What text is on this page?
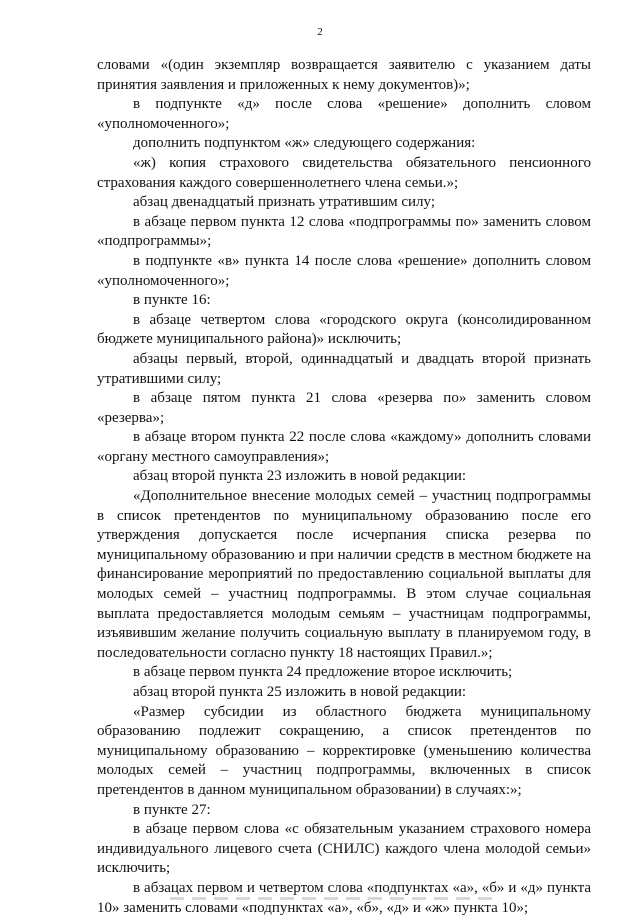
2

словами «(один экземпляр возвращается заявителю с указанием даты принятия заявления и приложенных к нему документов)»;

в подпункте «д» после слова «решение» дополнить словом «уполномоченного»;

дополнить подпунктом «ж» следующего содержания:

«ж) копия страхового свидетельства обязательного пенсионного страхования каждого совершеннолетнего члена семьи.»;

абзац двенадцатый признать утратившим силу;

в абзаце первом пункта 12 слова «подпрограммы по» заменить словом «подпрограммы»;

в подпункте «в» пункта 14 после слова «решение» дополнить словом «уполномоченного»;

в пункте 16:

в абзаце четвертом слова «городского округа (консолидированном бюджете муниципального района)» исключить;

абзацы первый, второй, одиннадцатый и двадцать второй признать утратившими силу;

в абзаце пятом пункта 21 слова «резерва по» заменить словом «резерва»;

в абзаце втором пункта 22 после слова «каждому» дополнить словами «органу местного самоуправления»;

абзац второй пункта 23 изложить в новой редакции:

«Дополнительное внесение молодых семей – участниц подпрограммы в список претендентов по муниципальному образованию после его утверждения допускается после исчерпания списка резерва по муниципальному образованию и при наличии средств в местном бюджете на финансирование мероприятий по предоставлению социальной выплаты для молодых семей – участниц подпрограммы. В этом случае социальная выплата предоставляется молодым семьям – участницам подпрограммы, изъявившим желание получить социальную выплату в планируемом году, в последовательности согласно пункту 18 настоящих Правил.»;

в абзаце первом пункта 24 предложение второе исключить;

абзац второй пункта 25 изложить в новой редакции:

«Размер субсидии из областного бюджета муниципальному образованию подлежит сокращению, а список претендентов по муниципальному образованию – корректировке (уменьшению количества молодых семей – участниц подпрограммы, включенных в список претендентов в данном муниципальном образовании) в случаях:»;

в пункте 27:

в абзаце первом слова «с обязательным указанием страхового номера индивидуального лицевого счета (СНИЛС) каждого члена молодой семьи» исключить;

в абзацах первом и четвертом слова «подпунктах «а», «б» и «д» пункта 10» заменить словами «подпунктах «а», «б», «д» и «ж» пункта 10»;
